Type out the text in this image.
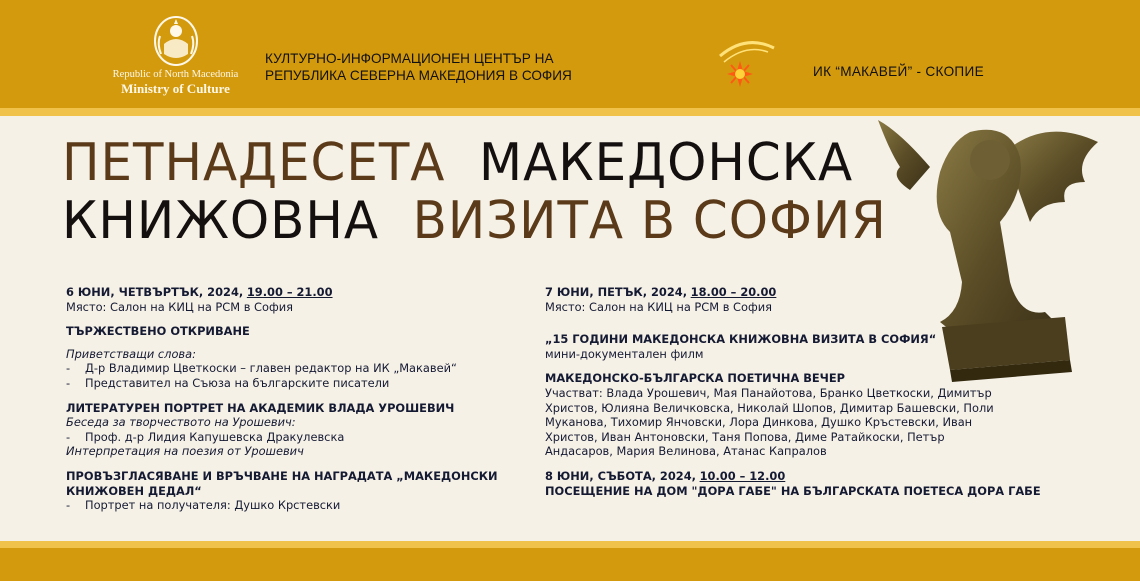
Republic of North Macedonia
Ministry of Culture
КУЛТУРНО-ИНФОРМАЦИОНЕН ЦЕНТЪР НА
РЕПУБЛИКА СЕВЕРНА МАКЕДОНИЯ В СОФИЯ	ИК “МАКАВЕЙ” - СКОПИЕ
ПЕТНАДЕСЕТА МАКЕДОНСКА
КНИЖОВНА ВИЗИТА В СОФИЯ
6 ЮНИ, ЧЕТВЪРТЪК, 2024, 19.00 – 21.00
Място: Салон на КИЦ на РСМ в София
ТЪРЖЕСТВЕНО ОТКРИВАНЕ
Приветстващи слова:
- Д-р Владимир Цветкоски – главен редактор на ИК „Макавей“
- Представител на Съюза на българските писатели
ЛИТЕРАТУРЕН ПОРТРЕТ НА АКАДЕМИК ВЛАДА УРОШЕВИЧ
Беседа за творчеството на Урошевич:
- Проф. д-р Лидия Капушевска Дракулевска
Интерпретация на поезия от Урошевич
ПРОВЪЗГЛАСЯВАНЕ И ВРЪЧВАНЕ НА НАГРАДАТА „МАКЕДОНСКИ
КНИЖОВЕН ДЕДАЛ“
- Портрет на получателя: Душко Крстевски
7 ЮНИ, ПЕТЪК, 2024, 18.00 – 20.00
Място: Салон на КИЦ на РСМ в София
„15 ГОДИНИ МАКЕДОНСКА КНИЖОВНА ВИЗИТА В СОФИЯ“
мини-документален филм
МАКЕДОНСКО-БЪЛГАРСКА ПОЕТИЧНА ВЕЧЕР
Участват: Влада Урошевич, Мая Панайотова, Бранко Цветкоски, Димитър
Христов, Юлияна Величковска, Николай Шопов, Димитар Башевски, Поли
Муканова, Тихомир Янчовски, Лора Динкова, Душко Кръстевски, Иван
Христов, Иван Антоновски, Таня Попова, Диме Ратайкоски, Петър
Андасаров, Мария Велинова, Атанас Капралов
8 ЮНИ, СЪБОТА, 2024, 10.00 – 12.00
ПОСЕЩЕНИЕ НА ДОМ "ДОРА ГАБЕ" НА БЪЛГАРСКАТА ПОЕТЕСА ДОРА ГАБЕ
